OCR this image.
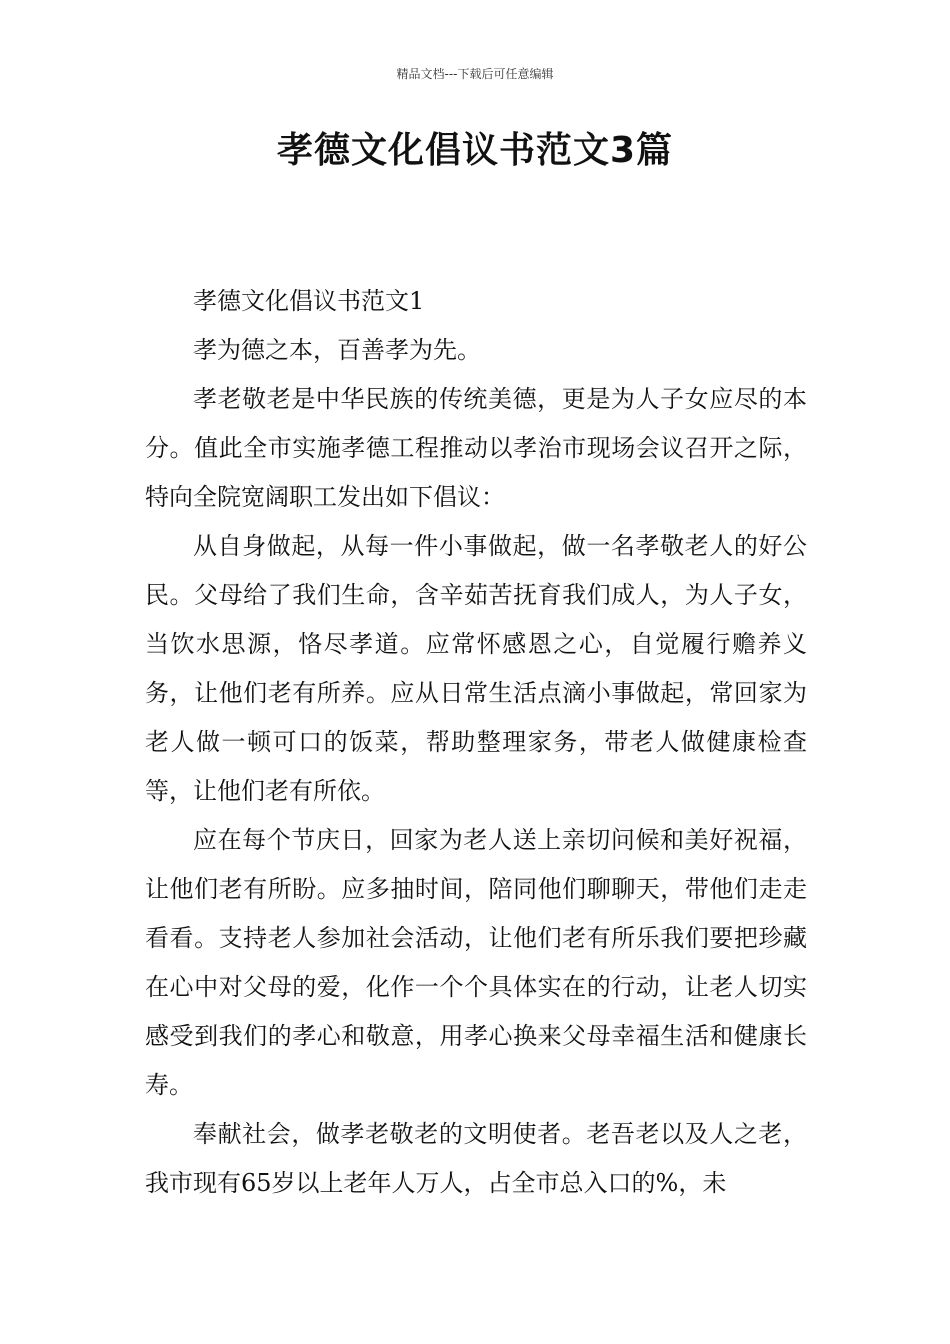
精品文档---下载后可任意编辑
孝德文化倡议书范文3篇

孝德文化倡议书范文1

孝为德之本，百善孝为先。

孝老敬老是中华民族的传统美德，更是为人子女应尽的本分。值此全市实施孝德工程推动以孝治市现场会议召开之际，特向全院宽阔职工发出如下倡议：

从自身做起，从每一件小事做起，做一名孝敬老人的好公民。父母给了我们生命，含辛茹苦抚育我们成人，为人子女，当饮水思源，恪尽孝道。应常怀感恩之心，自觉履行赡养义务，让他们老有所养。应从日常生活点滴小事做起，常回家为老人做一顿可口的饭菜，帮助整理家务，带老人做健康检查等，让他们老有所依。

应在每个节庆日，回家为老人送上亲切问候和美好祝福，让他们老有所盼。应多抽时间，陪同他们聊聊天，带他们走走看看。支持老人参加社会活动，让他们老有所乐我们要把珍藏在心中对父母的爱，化作一个个具体实在的行动，让老人切实感受到我们的孝心和敬意，用孝心换来父母幸福生活和健康长寿。

奉献社会，做孝老敬老的文明使者。老吾老以及人之老，我市现有65岁以上老年人万人，占全市总入口的%，未
